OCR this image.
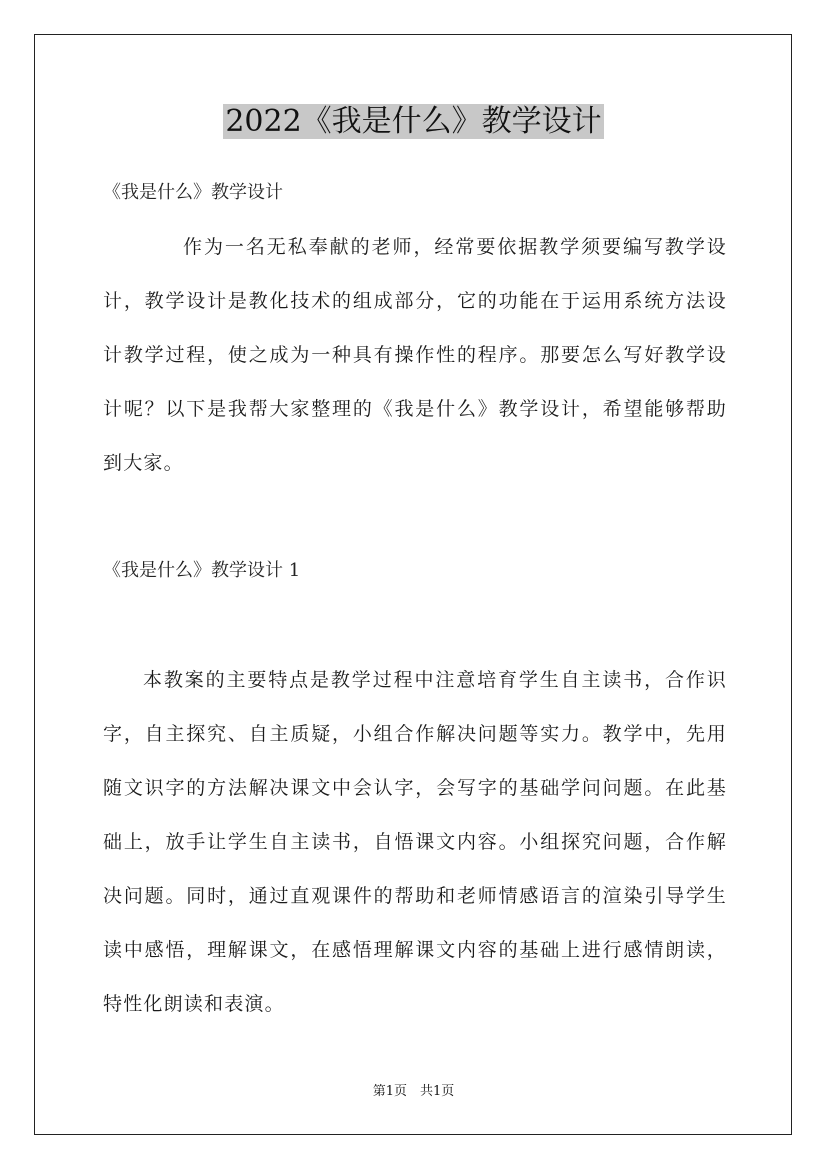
2022《我是什么》教学设计

《我是什么》教学设计

作为一名无私奉献的老师，经常要依据教学须要编写教学设计，教学设计是教化技术的组成部分，它的功能在于运用系统方法设计教学过程，使之成为一种具有操作性的程序。那要怎么写好教学设计呢？以下是我帮大家整理的《我是什么》教学设计，希望能够帮助到大家。

《我是什么》教学设计 1

本教案的主要特点是教学过程中注意培育学生自主读书，合作识字，自主探究、自主质疑，小组合作解决问题等实力。教学中，先用随文识字的方法解决课文中会认字，会写字的基础学问问题。在此基础上，放手让学生自主读书，自悟课文内容。小组探究问题，合作解决问题。同时，通过直观课件的帮助和老师情感语言的渲染引导学生读中感悟，理解课文，在感悟理解课文内容的基础上进行感情朗读，特性化朗读和表演。

第1页　共1页
